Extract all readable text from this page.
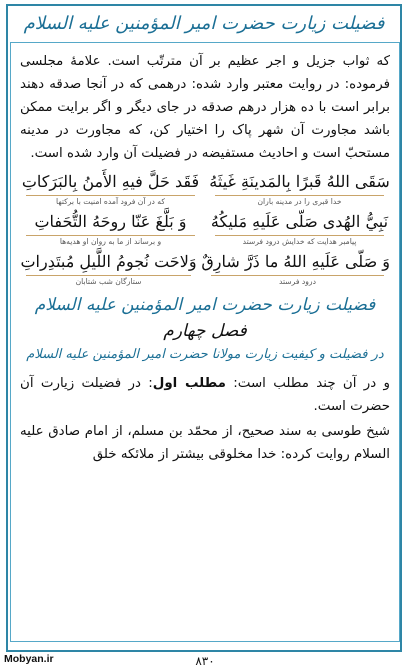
فضیلت زیارت حضرت امیر المؤمنین علیه السلام

که ثواب جزیل و اجر عظیم بر آن مترتّب است. علامهٔ مجلسی فرموده: در روایت معتبر وارد شده: درهمی که در آنجا صدقه دهند برابر است با ده هزار درهم صدقه در جای دیگر و اگر برایت ممکن باشد مجاورت آن شهر پاک را اختیار کن، که مجاورت در مدینه مستحبّ است و احادیث مستفیضه در فضیلت آن وارد شده است.

سَقَى اللهُ قَبرًا بِالمَدينَةِ غَيثَهُ
خدا قبری را در مدینه باران
فَقَد حَلَّ فيهِ الأَمنُ بِالبَرَكاتِ
که در آن فرود آمده امنیت با برکتها
نَبِيُّ الهُدى صَلّى عَلَيهِ مَليكُهُ
پیامبر هدایت که خدایش درود فرستد
وَ بَلَّغَ عَنّا روحَهُ التُّحَفاتِ
و برساند از ما به روان او هدیه‌ها
وَ صَلّى عَلَيهِ اللهُ ما ذَرَّ شارِقٌ
درود فرستد
وَلاحَت نُجومُ اللَّيلِ مُبتَدِراتِ
ستارگان شب شتابان
فضیلت زیارت حضرت امیر المؤمنین علیه السلام
فصل چهارم
در فضیلت و کیفیت زیارت مولانا حضرت امیر المؤمنین علیه السلام

و در آن چند مطلب است: مطلب اول: در فضیلت زیارت آن حضرت است.

شیخ طوسی به سند صحیح، از محمّد بن مسلم، از امام صادق علیه السلام روایت کرده: خدا مخلوقی بیشتر از ملائکه خلق

۸۳۰
Mobyan.ir
